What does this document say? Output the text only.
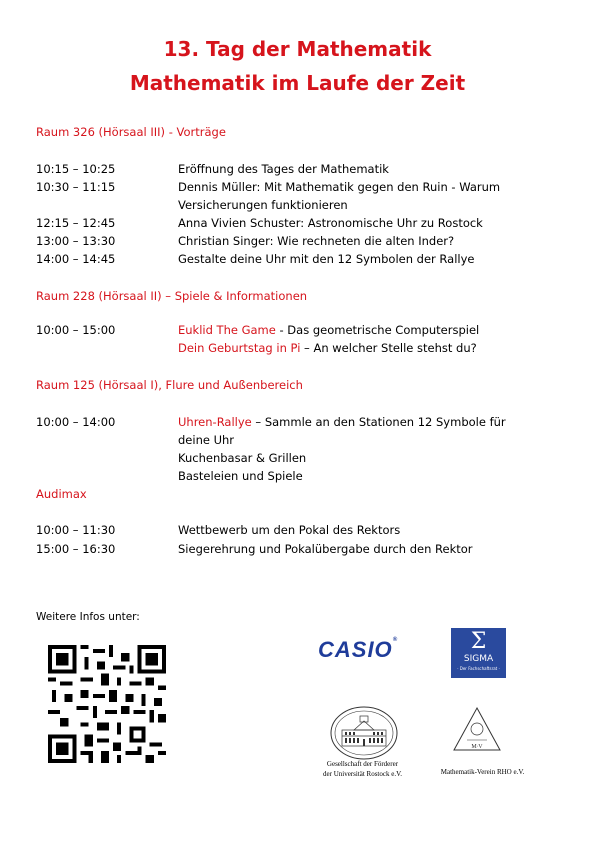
13. Tag der Mathematik
Mathematik im Laufe der Zeit
Raum 326 (Hörsaal III) - Vorträge
10:15 – 10:25	Eröffnung des Tages der Mathematik
10:30 – 11:15	Dennis Müller: Mit Mathematik gegen den Ruin - Warum
Versicherungen funktionieren
12:15 – 12:45	Anna Vivien Schuster: Astronomische Uhr zu Rostock
13:00 – 13:30	Christian Singer: Wie rechneten die alten Inder?
14:00 – 14:45	Gestalte deine Uhr mit den 12 Symbolen der Rallye
Raum 228 (Hörsaal II) – Spiele & Informationen
10:00 – 15:00	Euklid The Game - Das geometrische Computerspiel
Dein Geburtstag in Pi – An welcher Stelle stehst du?
Raum 125 (Hörsaal I), Flure und Außenbereich
10:00 – 14:00	Uhren-Rallye – Sammle an den Stationen 12 Symbole für
deine Uhr
Kuchenbasar & Grillen
Basteleien und Spiele
Audimax
10:00 – 11:30	Wettbewerb um den Pokal des Rektors
15:00 – 16:30	Siegerehrung und Pokalübergabe durch den Rektor
Weitere Infos unter:
CASIO®	Σ
SIGMA
· Der Fachschaftsrat ·
Gesellschaft der Förderer
der Universität Rostock e.V.
M∙V
Mathematik-Verein RHO e.V.
